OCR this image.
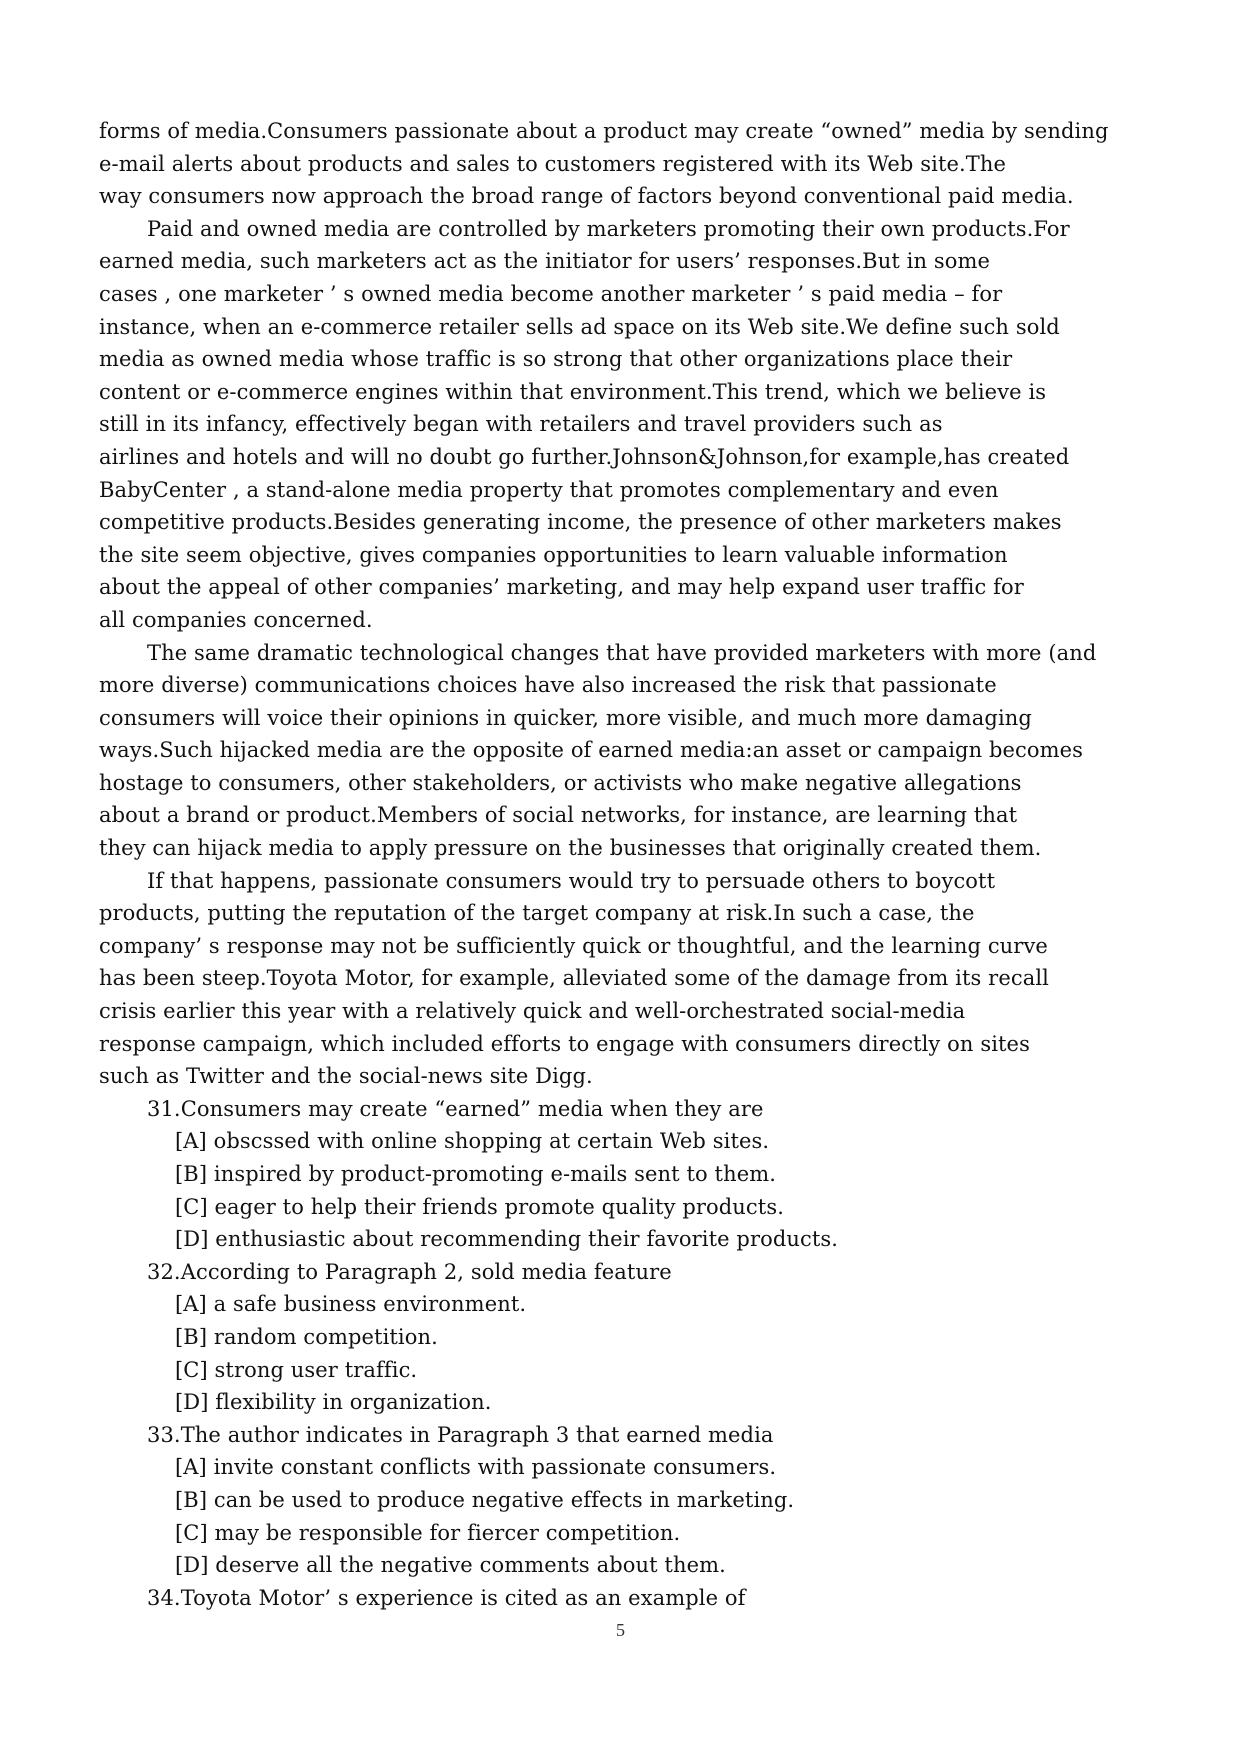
forms of media.Consumers passionate about a product may create “owned” media by sending
e-mail alerts about products and sales to customers registered with its Web site.The
way consumers now approach the broad range of factors beyond conventional paid media.
Paid and owned media are controlled by marketers promoting their own products.For
earned media, such marketers act as the initiator for users’ responses.But in some
cases , one marketer ’ s owned media become another marketer ’ s paid media – for
instance, when an e-commerce retailer sells ad space on its Web site.We define such sold
media as owned media whose traffic is so strong that other organizations place their
content or e-commerce engines within that environment.This trend, which we believe is
still in its infancy, effectively began with retailers and travel providers such as
airlines and hotels and will no doubt go further.Johnson&Johnson,for example,has created
BabyCenter , a stand-alone media property that promotes complementary and even
competitive products.Besides generating income, the presence of other marketers makes
the site seem objective, gives companies opportunities to learn valuable information
about the appeal of other companies’ marketing, and may help expand user traffic for
all companies concerned.
The same dramatic technological changes that have provided marketers with more (and
more diverse) communications choices have also increased the risk that passionate
consumers will voice their opinions in quicker, more visible, and much more damaging
ways.Such hijacked media are the opposite of earned media:an asset or campaign becomes
hostage to consumers, other stakeholders, or activists who make negative allegations
about a brand or product.Members of social networks, for instance, are learning that
they can hijack media to apply pressure on the businesses that originally created them.
If that happens, passionate consumers would try to persuade others to boycott
products, putting the reputation of the target company at risk.In such a case, the
company’ s response may not be sufficiently quick or thoughtful, and the learning curve
has been steep.Toyota Motor, for example, alleviated some of the damage from its recall
crisis earlier this year with a relatively quick and well-orchestrated social-media
response campaign, which included efforts to engage with consumers directly on sites
such as Twitter and the social-news site Digg.
31.Consumers may create “earned” media when they are
[A] obscssed with online shopping at certain Web sites.
[B] inspired by product-promoting e-mails sent to them.
[C] eager to help their friends promote quality products.
[D] enthusiastic about recommending their favorite products.
32.According to Paragraph 2, sold media feature
[A] a safe business environment.
[B] random competition.
[C] strong user traffic.
[D] flexibility in organization.
33.The author indicates in Paragraph 3 that earned media
[A] invite constant conflicts with passionate consumers.
[B] can be used to produce negative effects in marketing.
[C] may be responsible for fiercer competition.
[D] deserve all the negative comments about them.
34.Toyota Motor’ s experience is cited as an example of
5
